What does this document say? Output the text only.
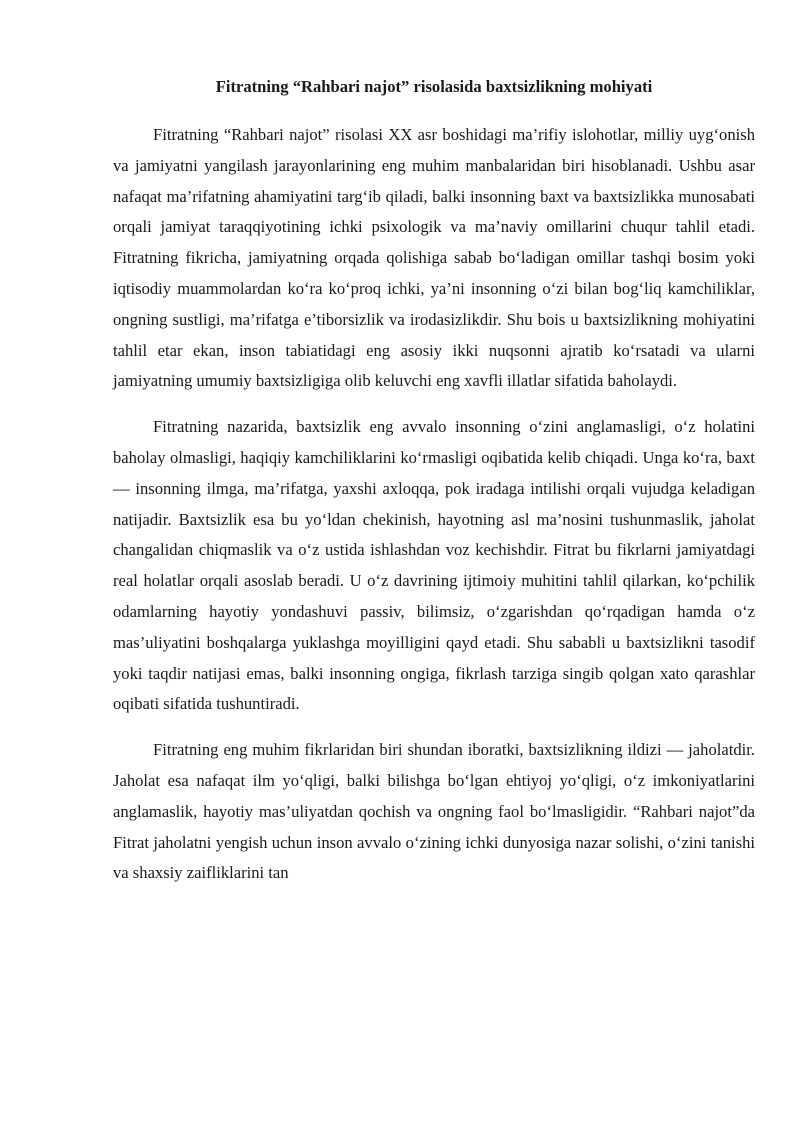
Fitratning “Rahbari najot” risolasida baxtsizlikning mohiyati

Fitratning “Rahbari najot” risolasi XX asr boshidagi ma’rifiy islohotlar, milliy uyg‘onish va jamiyatni yangilash jarayonlarining eng muhim manbalaridan biri hisoblanadi. Ushbu asar nafaqat ma’rifatning ahamiyatini targ‘ib qiladi, balki insonning baxt va baxtsizlikka munosabati orqali jamiyat taraqqiyotining ichki psixologik va ma’naviy omillarini chuqur tahlil etadi. Fitratning fikricha, jamiyatning orqada qolishiga sabab bo‘ladigan omillar tashqi bosim yoki iqtisodiy muammolardan ko‘ra ko‘proq ichki, ya’ni insonning o‘zi bilan bog‘liq kamchiliklar, ongning sustligi, ma’rifatga e’tiborsizlik va irodasizlikdir. Shu bois u baxtsizlikning mohiyatini tahlil etar ekan, inson tabiatidagi eng asosiy ikki nuqsonni ajratib ko‘rsatadi va ularni jamiyatning umumiy baxtsizligiga olib keluvchi eng xavfli illatlar sifatida baholaydi.

Fitratning nazarida, baxtsizlik eng avvalo insonning o‘zini anglamasligi, o‘z holatini baholay olmasligi, haqiqiy kamchiliklarini ko‘rmasligi oqibatida kelib chiqadi. Unga ko‘ra, baxt — insonning ilmga, ma’rifatga, yaxshi axloqqa, pok iradaga intilishi orqali vujudga keladigan natijadir. Baxtsizlik esa bu yo‘ldan chekinish, hayotning asl ma’nosini tushunmaslik, jaholat changalidan chiqmaslik va o‘z ustida ishlashdan voz kechishdir. Fitrat bu fikrlarni jamiyatdagi real holatlar orqali asoslab beradi. U o‘z davrining ijtimoiy muhitini tahlil qilarkan, ko‘pchilik odamlarning hayotiy yondashuvi passiv, bilimsiz, o‘zgarishdan qo‘rqadigan hamda o‘z mas’uliyatini boshqalarga yuklashga moyilligini qayd etadi. Shu sababli u baxtsizlikni tasodif yoki taqdir natijasi emas, balki insonning ongiga, fikrlash tarziga singib qolgan xato qarashlar oqibati sifatida tushuntiradi.

Fitratning eng muhim fikrlaridan biri shundan iboratki, baxtsizlikning ildizi — jaholatdir. Jaholat esa nafaqat ilm yo‘qligi, balki bilishga bo‘lgan ehtiyoj yo‘qligi, o‘z imkoniyatlarini anglamaslik, hayotiy mas’uliyatdan qochish va ongning faol bo‘lmasligidir. “Rahbari najot”da Fitrat jaholatni yengish uchun inson avvalo o‘zining ichki dunyosiga nazar solishi, o‘zini tanishi va shaxsiy zaifliklarini tan
